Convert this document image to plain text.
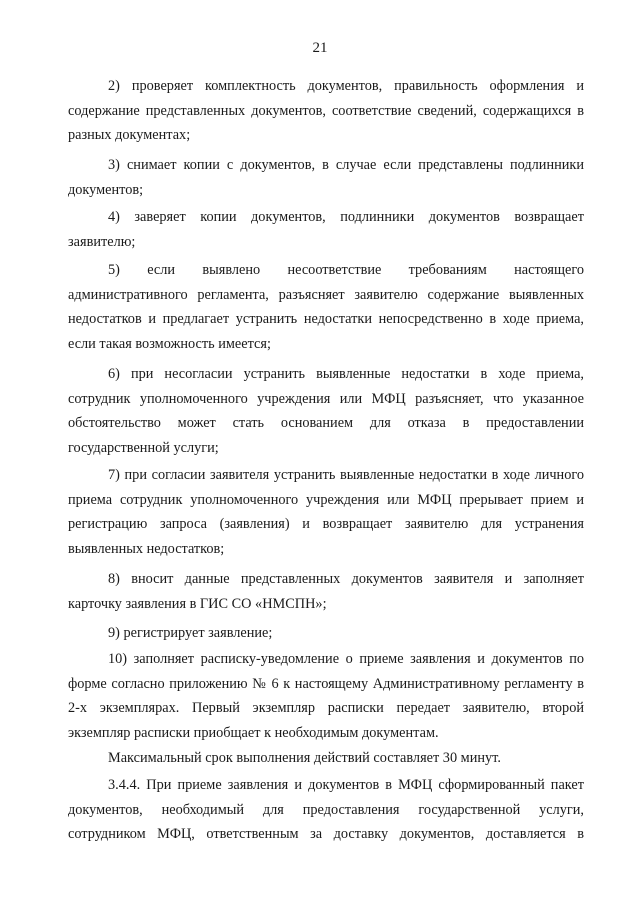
21

2) проверяет комплектность документов, правильность оформления и содержание представленных документов, соответствие сведений, содержащихся в разных документах;

3) снимает копии с документов, в случае если представлены подлинники документов;

4) заверяет копии документов, подлинники документов возвращает заявителю;

5) если выявлено несоответствие требованиям настоящего административного регламента, разъясняет заявителю содержание выявленных недостатков и предлагает устранить недостатки непосредственно в ходе приема, если такая возможность имеется;

6) при несогласии устранить выявленные недостатки в ходе приема, сотрудник уполномоченного учреждения или МФЦ разъясняет, что указанное обстоятельство может стать основанием для отказа в предоставлении государственной услуги;

7) при согласии заявителя устранить выявленные недостатки в ходе личного приема сотрудник уполномоченного учреждения или МФЦ прерывает прием и регистрацию запроса (заявления) и возвращает заявителю для устранения выявленных недостатков;

8) вносит данные представленных документов заявителя и заполняет карточку заявления в ГИС СО «НМСПН»;

9) регистрирует заявление;

10) заполняет расписку-уведомление о приеме заявления и документов по форме согласно приложению № 6 к настоящему Административному регламенту в 2-х экземплярах. Первый экземпляр расписки передает заявителю, второй экземпляр расписки приобщает к необходимым документам.

Максимальный срок выполнения действий составляет 30 минут.

3.4.4. При приеме заявления и документов в МФЦ сформированный пакет документов, необходимый для предоставления государственной услуги, сотрудником МФЦ, ответственным за доставку документов, доставляется в
